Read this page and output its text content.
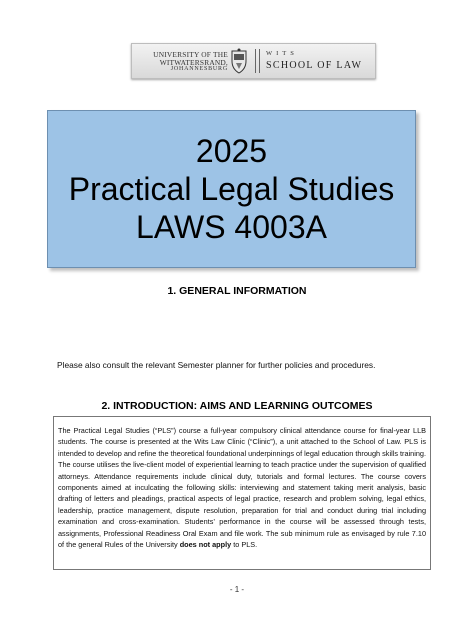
UNIVERSITY OF THE
WITWATERSRAND,
JOHANNESBURG
WITS
SCHOOL OF LAW
2025
Practical Legal Studies
LAWS 4003A
1. GENERAL INFORMATION
Please also consult the relevant Semester planner for further policies and procedures.
2. INTRODUCTION: AIMS AND LEARNING OUTCOMES
The Practical Legal Studies (“PLS”) course a full-year compulsory clinical attendance course for final-year LLB students. The course is presented at the Wits Law Clinic (“Clinic”), a unit attached to the School of Law. PLS is intended to develop and refine the theoretical foundational underpinnings of legal education through skills training. The course utilises the live-client model of experiential learning to teach practice under the supervision of qualified attorneys. Attendance requirements include clinical duty, tutorials and formal lectures. The course covers components aimed at inculcating the following skills: interviewing and statement taking merit analysis, basic drafting of letters and pleadings, practical aspects of legal practice, research and problem solving, legal ethics, leadership, practice management, dispute resolution, preparation for trial and conduct during trial including examination and cross-examination. Students’ performance in the course will be assessed through tests, assignments, Professional Readiness Oral Exam and file work. The sub minimum rule as envisaged by rule 7.10 of the general Rules of the University does not apply to PLS.
- 1 -
